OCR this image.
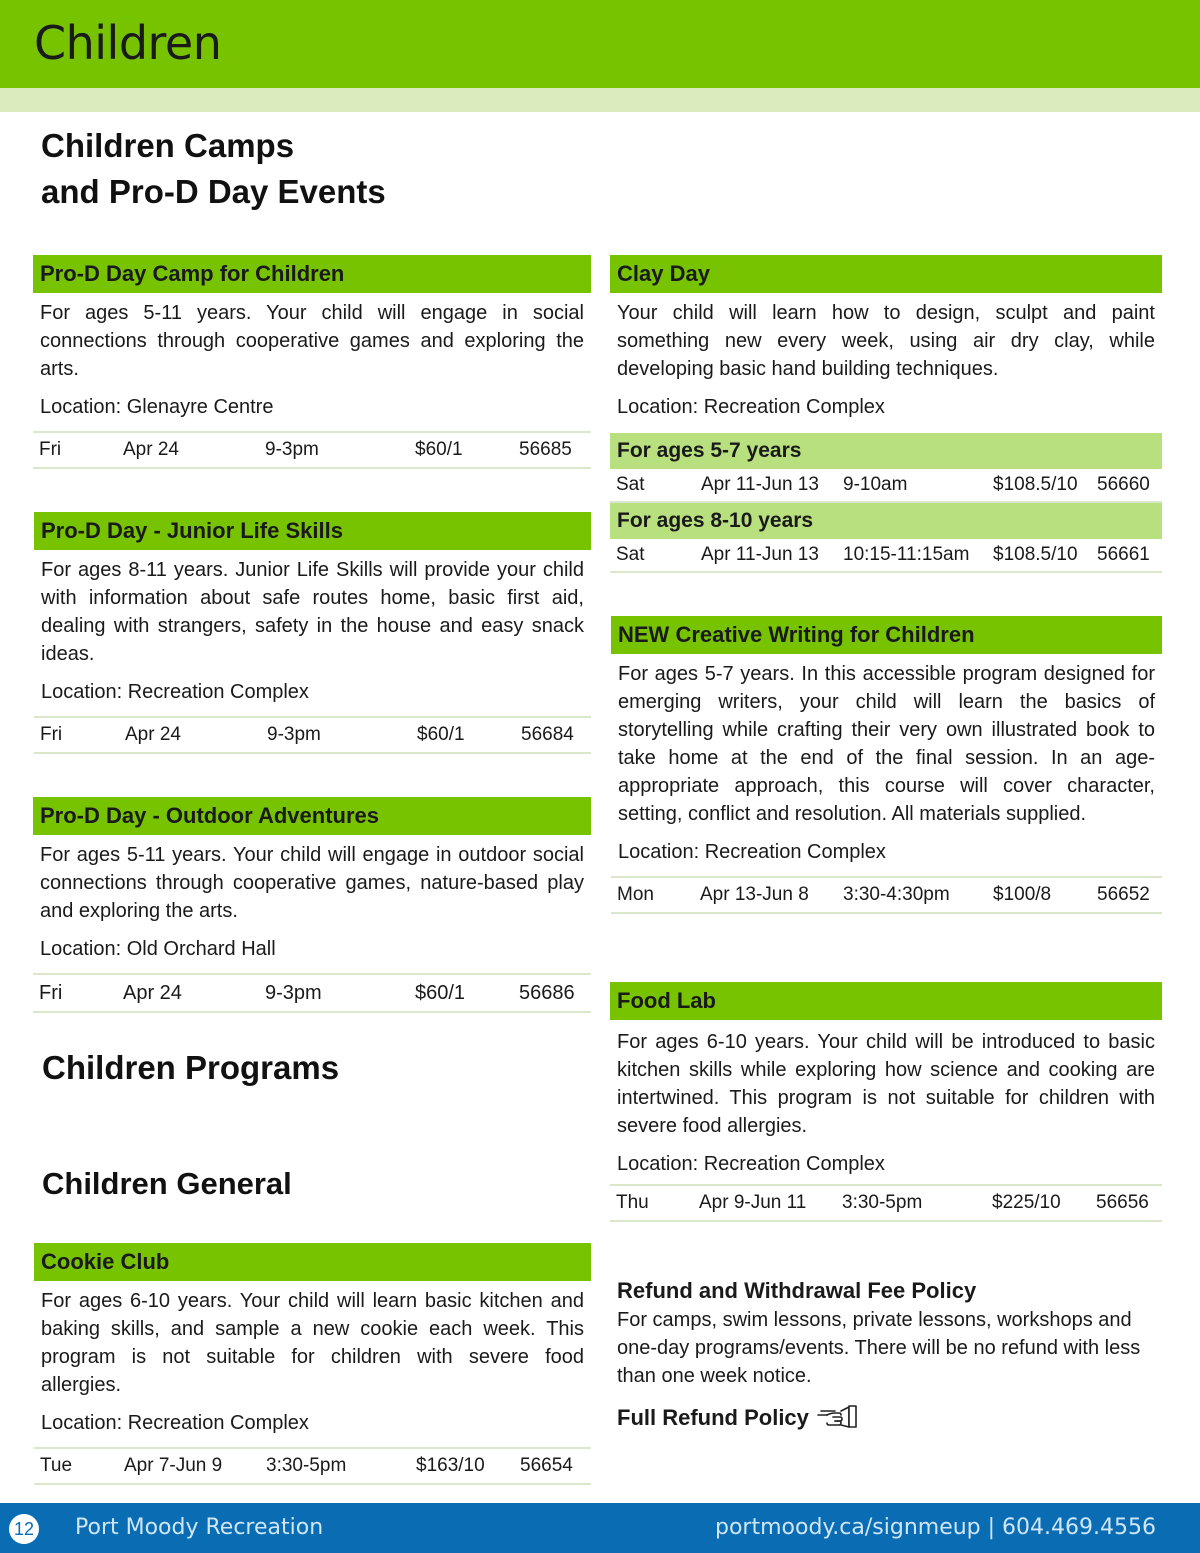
Children
Children Camps
and Pro-D Day Events
Pro-D Day Camp for Children
For ages 5-11 years. Your child will engage in social connections through cooperative games and exploring the arts.
Location: Glenayre Centre
Fri	Apr 24	9-3pm	$60/1	56685
Pro-D Day - Junior Life Skills
For ages 8-11 years. Junior Life Skills will provide your child with information about safe routes home, basic first aid, dealing with strangers, safety in the house and easy snack ideas.
Location: Recreation Complex
Fri	Apr 24	9-3pm	$60/1	56684
Pro-D Day - Outdoor Adventures
For ages 5-11 years. Your child will engage in outdoor social connections through cooperative games, nature-based play and exploring the arts.
Location: Old Orchard Hall
Fri	Apr 24	9-3pm	$60/1	56686
Children Programs
Children General
Cookie Club
For ages 6-10 years. Your child will learn basic kitchen and baking skills, and sample a new cookie each week. This program is not suitable for children with severe food allergies.
Location: Recreation Complex
Tue	Apr 7-Jun 9 3:30-5pm	$163/10 56654
Clay Day
Your child will learn how to design, sculpt and paint something new every week, using air dry clay, while developing basic hand building techniques.
Location: Recreation Complex
For ages 5-7 years
Sat	Apr 11-Jun 13 9-10am	$108.5/10 56660
For ages 8-10 years
Sat	Apr 11-Jun 13 10:15-11:15am $108.5/10 56661
NEW Creative Writing for Children
For ages 5-7 years. In this accessible program designed for emerging writers, your child will learn the basics of storytelling while crafting their very own illustrated book to take home at the end of the final session. In an age-appropriate approach, this course will cover character, setting, conflict and resolution. All materials supplied.
Location: Recreation Complex
Mon Apr 13-Jun 8 3:30-4:30pm $100/8 56652
Food Lab
For ages 6-10 years. Your child will be introduced to basic kitchen skills while exploring how science and cooking are intertwined. This program is not suitable for children with severe food allergies.
Location: Recreation Complex
Thu	Apr 9-Jun 11 3:30-5pm	$225/10 56656
Refund and Withdrawal Fee Policy
For camps, swim lessons, private lessons, workshops and one-day programs/events. There will be no refund with less than one week notice.
Full Refund Policy
12 Port Moody Recreation	portmoody.ca/signmeup | 604.469.4556
